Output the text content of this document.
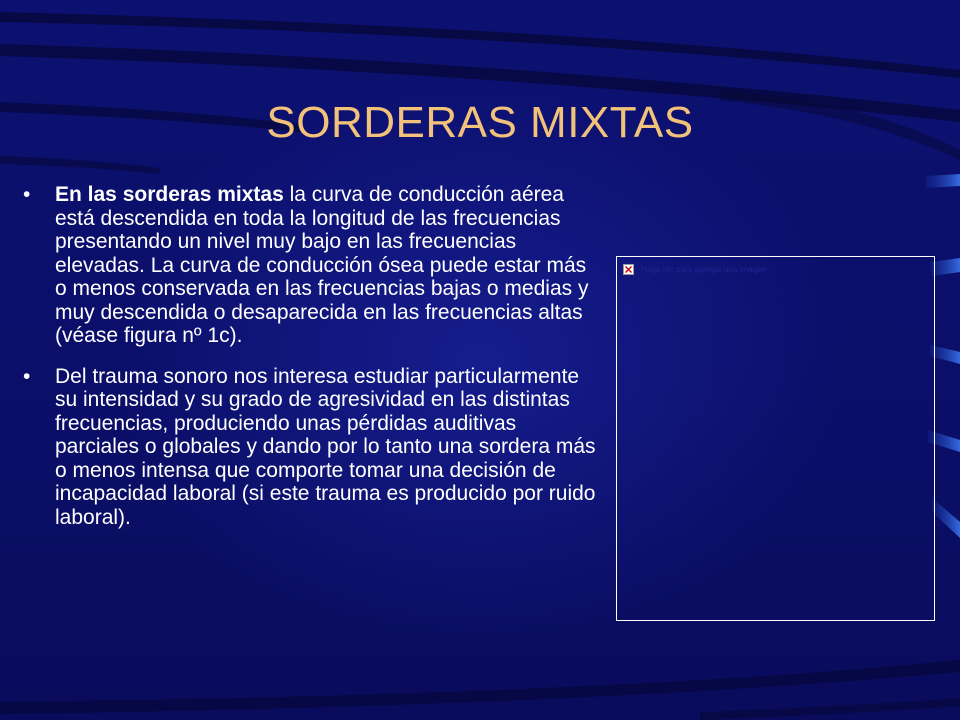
SORDERAS MIXTAS
• En las sorderas mixtas la curva de conducción aérea está descendida en toda la longitud de las frecuencias presentando un nivel muy bajo en las frecuencias elevadas. La curva de conducción ósea puede estar más o menos conservada en las frecuencias bajas o medias y muy descendida o desaparecida en las frecuencias altas (véase figura nº 1c).
• Del trauma sonoro nos interesa estudiar particularmente su intensidad y su grado de agresividad en las distintas frecuencias, produciendo unas pérdidas auditivas parciales o globales y dando por lo tanto una sordera más o menos intensa que comporte tomar una decisión de incapacidad laboral (si este trauma es producido por ruido laboral).
Haga clic para agregar una imagen
